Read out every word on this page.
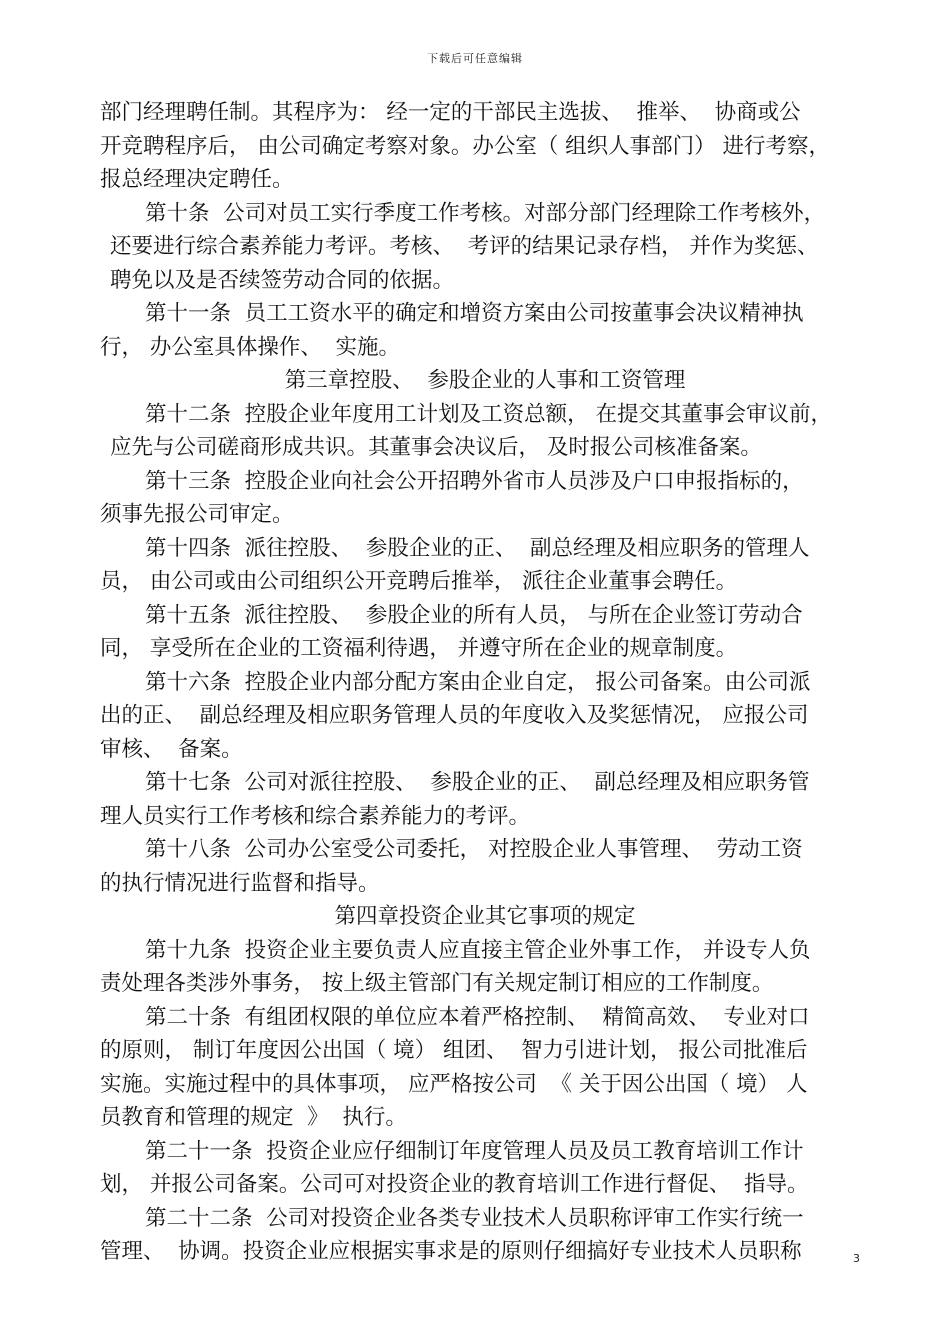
下载后可任意编辑
部门经理聘任制。其程序为： 经一定的干部民主选拔、  推举、  协商或公
开竞聘程序后， 由公司确定考察对象。办公室（ 组织人事部门） 进行考察，
报总经理决定聘任。
第十条  公司对员工实行季度工作考核。对部分部门经理除工作考核外，
还要进行综合素养能力考评。考核、  考评的结果记录存档， 并作为奖惩、
聘免以及是否续签劳动合同的依据。
第十一条  员工工资水平的确定和增资方案由公司按董事会决议精神执
行， 办公室具体操作、  实施。
第三章控股、  参股企业的人事和工资管理
第十二条  控股企业年度用工计划及工资总额， 在提交其董事会审议前，
应先与公司磋商形成共识。其董事会决议后， 及时报公司核准备案。
第十三条  控股企业向社会公开招聘外省市人员涉及户口申报指标的，
须事先报公司审定。
第十四条  派往控股、  参股企业的正、  副总经理及相应职务的管理人
员， 由公司或由公司组织公开竞聘后推举， 派往企业董事会聘任。
第十五条  派往控股、  参股企业的所有人员， 与所在企业签订劳动合
同， 享受所在企业的工资福利待遇， 并遵守所在企业的规章制度。
第十六条  控股企业内部分配方案由企业自定， 报公司备案。由公司派
出的正、  副总经理及相应职务管理人员的年度收入及奖惩情况， 应报公司
审核、  备案。
第十七条  公司对派往控股、  参股企业的正、  副总经理及相应职务管
理人员实行工作考核和综合素养能力的考评。
第十八条  公司办公室受公司委托， 对控股企业人事管理、  劳动工资
的执行情况进行监督和指导。
第四章投资企业其它事项的规定
第十九条  投资企业主要负责人应直接主管企业外事工作， 并设专人负
责处理各类涉外事务， 按上级主管部门有关规定制订相应的工作制度。
第二十条  有组团权限的单位应本着严格控制、  精简高效、  专业对口
的原则， 制订年度因公出国（ 境） 组团、  智力引进计划， 报公司批准后
实施。实施过程中的具体事项， 应严格按公司  《 关于因公出国（ 境） 人
员教育和管理的规定  》  执行。
第二十一条  投资企业应仔细制订年度管理人员及员工教育培训工作计
划， 并报公司备案。公司可对投资企业的教育培训工作进行督促、  指导。
第二十二条  公司对投资企业各类专业技术人员职称评审工作实行统一
管理、  协调。投资企业应根据实事求是的原则仔细搞好专业技术人员职称	3
